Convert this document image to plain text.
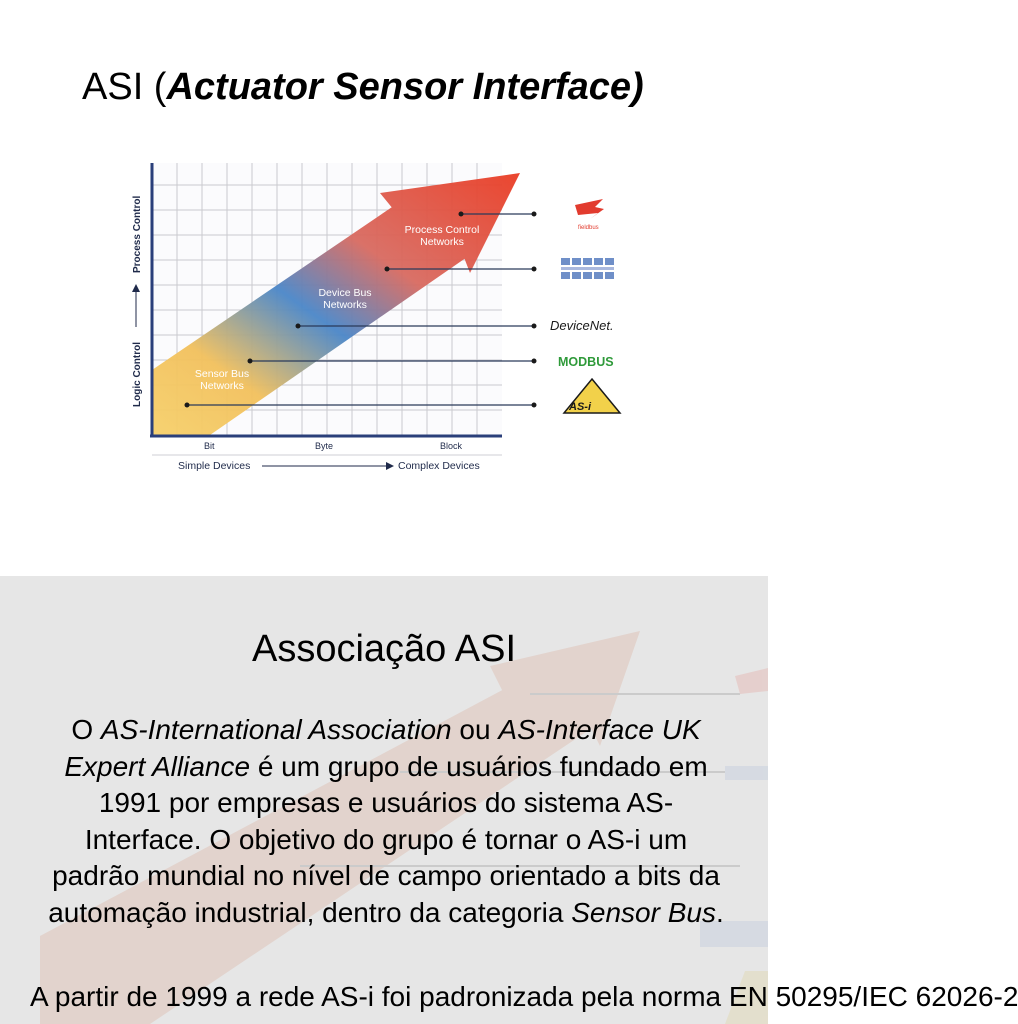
ASI (Actuator Sensor Interface)
Sensor Bus
Networks
Device Bus
Networks
Process Control
Networks
Process Control
Logic Control
Bit	Byte	Block
Simple Devices	Complex Devices
fieldbus
DeviceNet.
MODBUS
AS-i
Associação ASI

O AS-International Association ou AS-Interface UK Expert Alliance é um grupo de usuários fundado em 1991 por empresas e usuários do sistema AS-Interface. O objetivo do grupo é tornar o AS-i um padrão mundial no nível de campo orientado a bits da automação industrial, dentro da categoria Sensor Bus.

A partir de 1999 a rede AS-i foi padronizada pela norma EN 50295/IEC 62026-2
